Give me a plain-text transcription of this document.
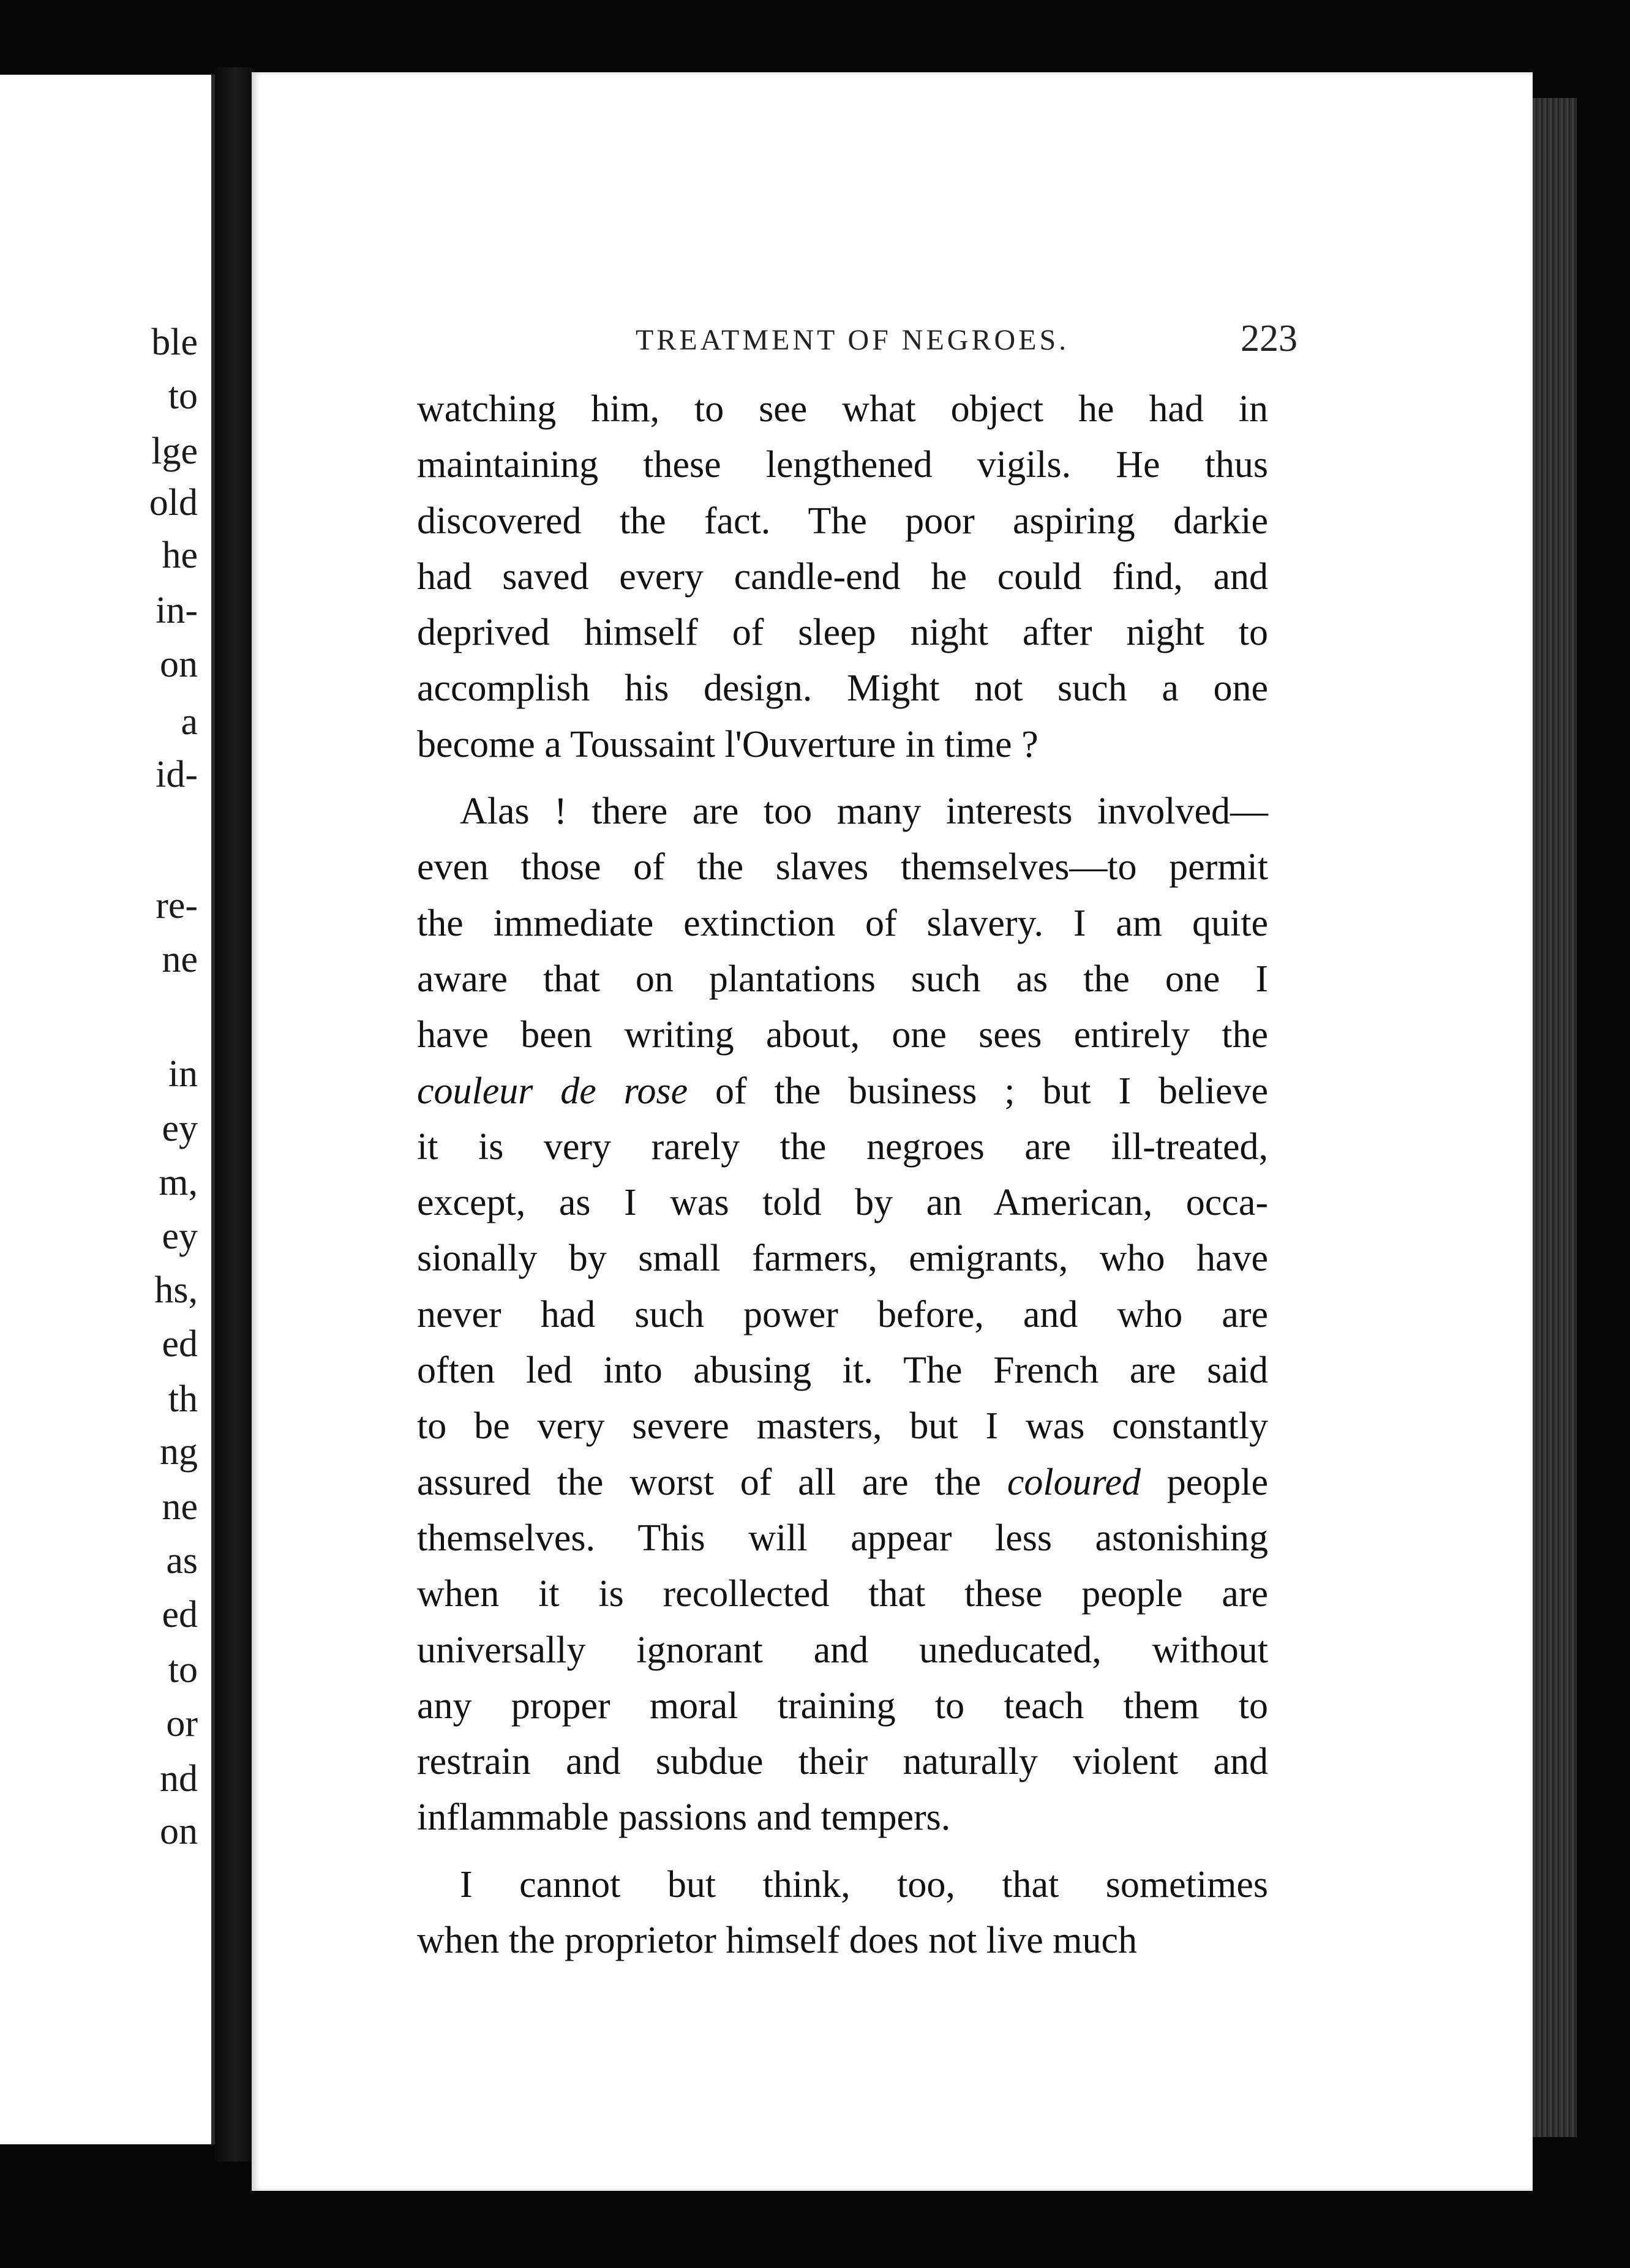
ble
to
lge
old
he
in-
on
a
id-
re-
ne
in
ey
m,
ey
hs,
ed
th
ng
ne
as
ed
to
or
nd
on
TREATMENT OF NEGROES.	223
watching him, to see what object he had in
maintaining these lengthened vigils. He thus
discovered the fact. The poor aspiring darkie
had saved every candle-end he could find, and
deprived himself of sleep night after night to
accomplish his design. Might not such a one
become a Toussaint l'Ouverture in time ?
Alas ! there are too many interests involved—
even those of the slaves themselves—to permit
the immediate extinction of slavery. I am quite
aware that on plantations such as the one I
have been writing about, one sees entirely the
couleur de rose of the business ; but I believe
it is very rarely the negroes are ill-treated,
except, as I was told by an American, occa-
sionally by small farmers, emigrants, who have
never had such power before, and who are
often led into abusing it. The French are said
to be very severe masters, but I was constantly
assured the worst of all are the coloured people
themselves. This will appear less astonishing
when it is recollected that these people are
universally ignorant and uneducated, without
any proper moral training to teach them to
restrain and subdue their naturally violent and
inflammable passions and tempers.
I cannot but think, too, that sometimes
when the proprietor himself does not live much
